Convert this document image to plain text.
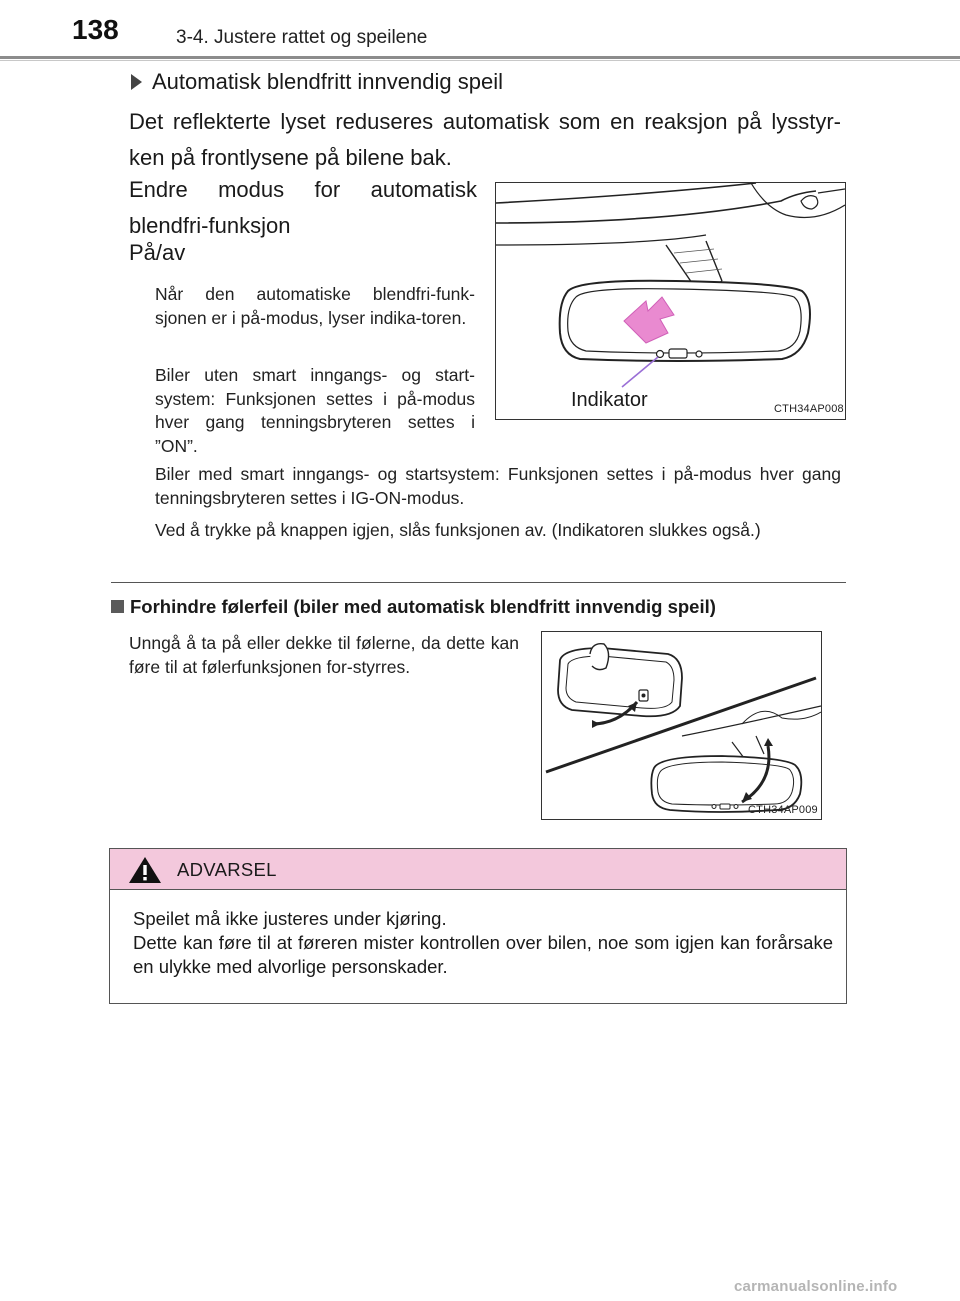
138	3-4. Justere rattet og speilene
Automatisk blendfritt innvendig speil
Det reflekterte lyset reduseres automatisk som en reaksjon på lysstyr-ken på frontlysene på bilene bak.
Endre modus for automatisk
blendfri-funksjon
På/av
Når den automatiske blendfri-funk-sjonen er i på-modus, lyser indika-toren.
Biler uten smart inngangs- og start-system: Funksjonen settes i på-modus hver gang tenningsbryteren settes i ”ON”.
Biler med smart inngangs- og startsystem: Funksjonen settes i på-modus hver gang tenningsbryteren settes i IG-ON-modus.
Ved å trykke på knappen igjen, slås funksjonen av. (Indikatoren slukkes også.)
Indikator	CTH34AP008
Forhindre følerfeil (biler med automatisk blendfritt innvendig speil)
Unngå å ta på eller dekke til følerne, da dette kan føre til at følerfunksjonen for-styrres.
CTH34AP009
ADVARSEL
Speilet må ikke justeres under kjøring.
Dette kan føre til at føreren mister kontrollen over bilen, noe som igjen kan forårsake en ulykke med alvorlige personskader.
carmanualsonline.info
